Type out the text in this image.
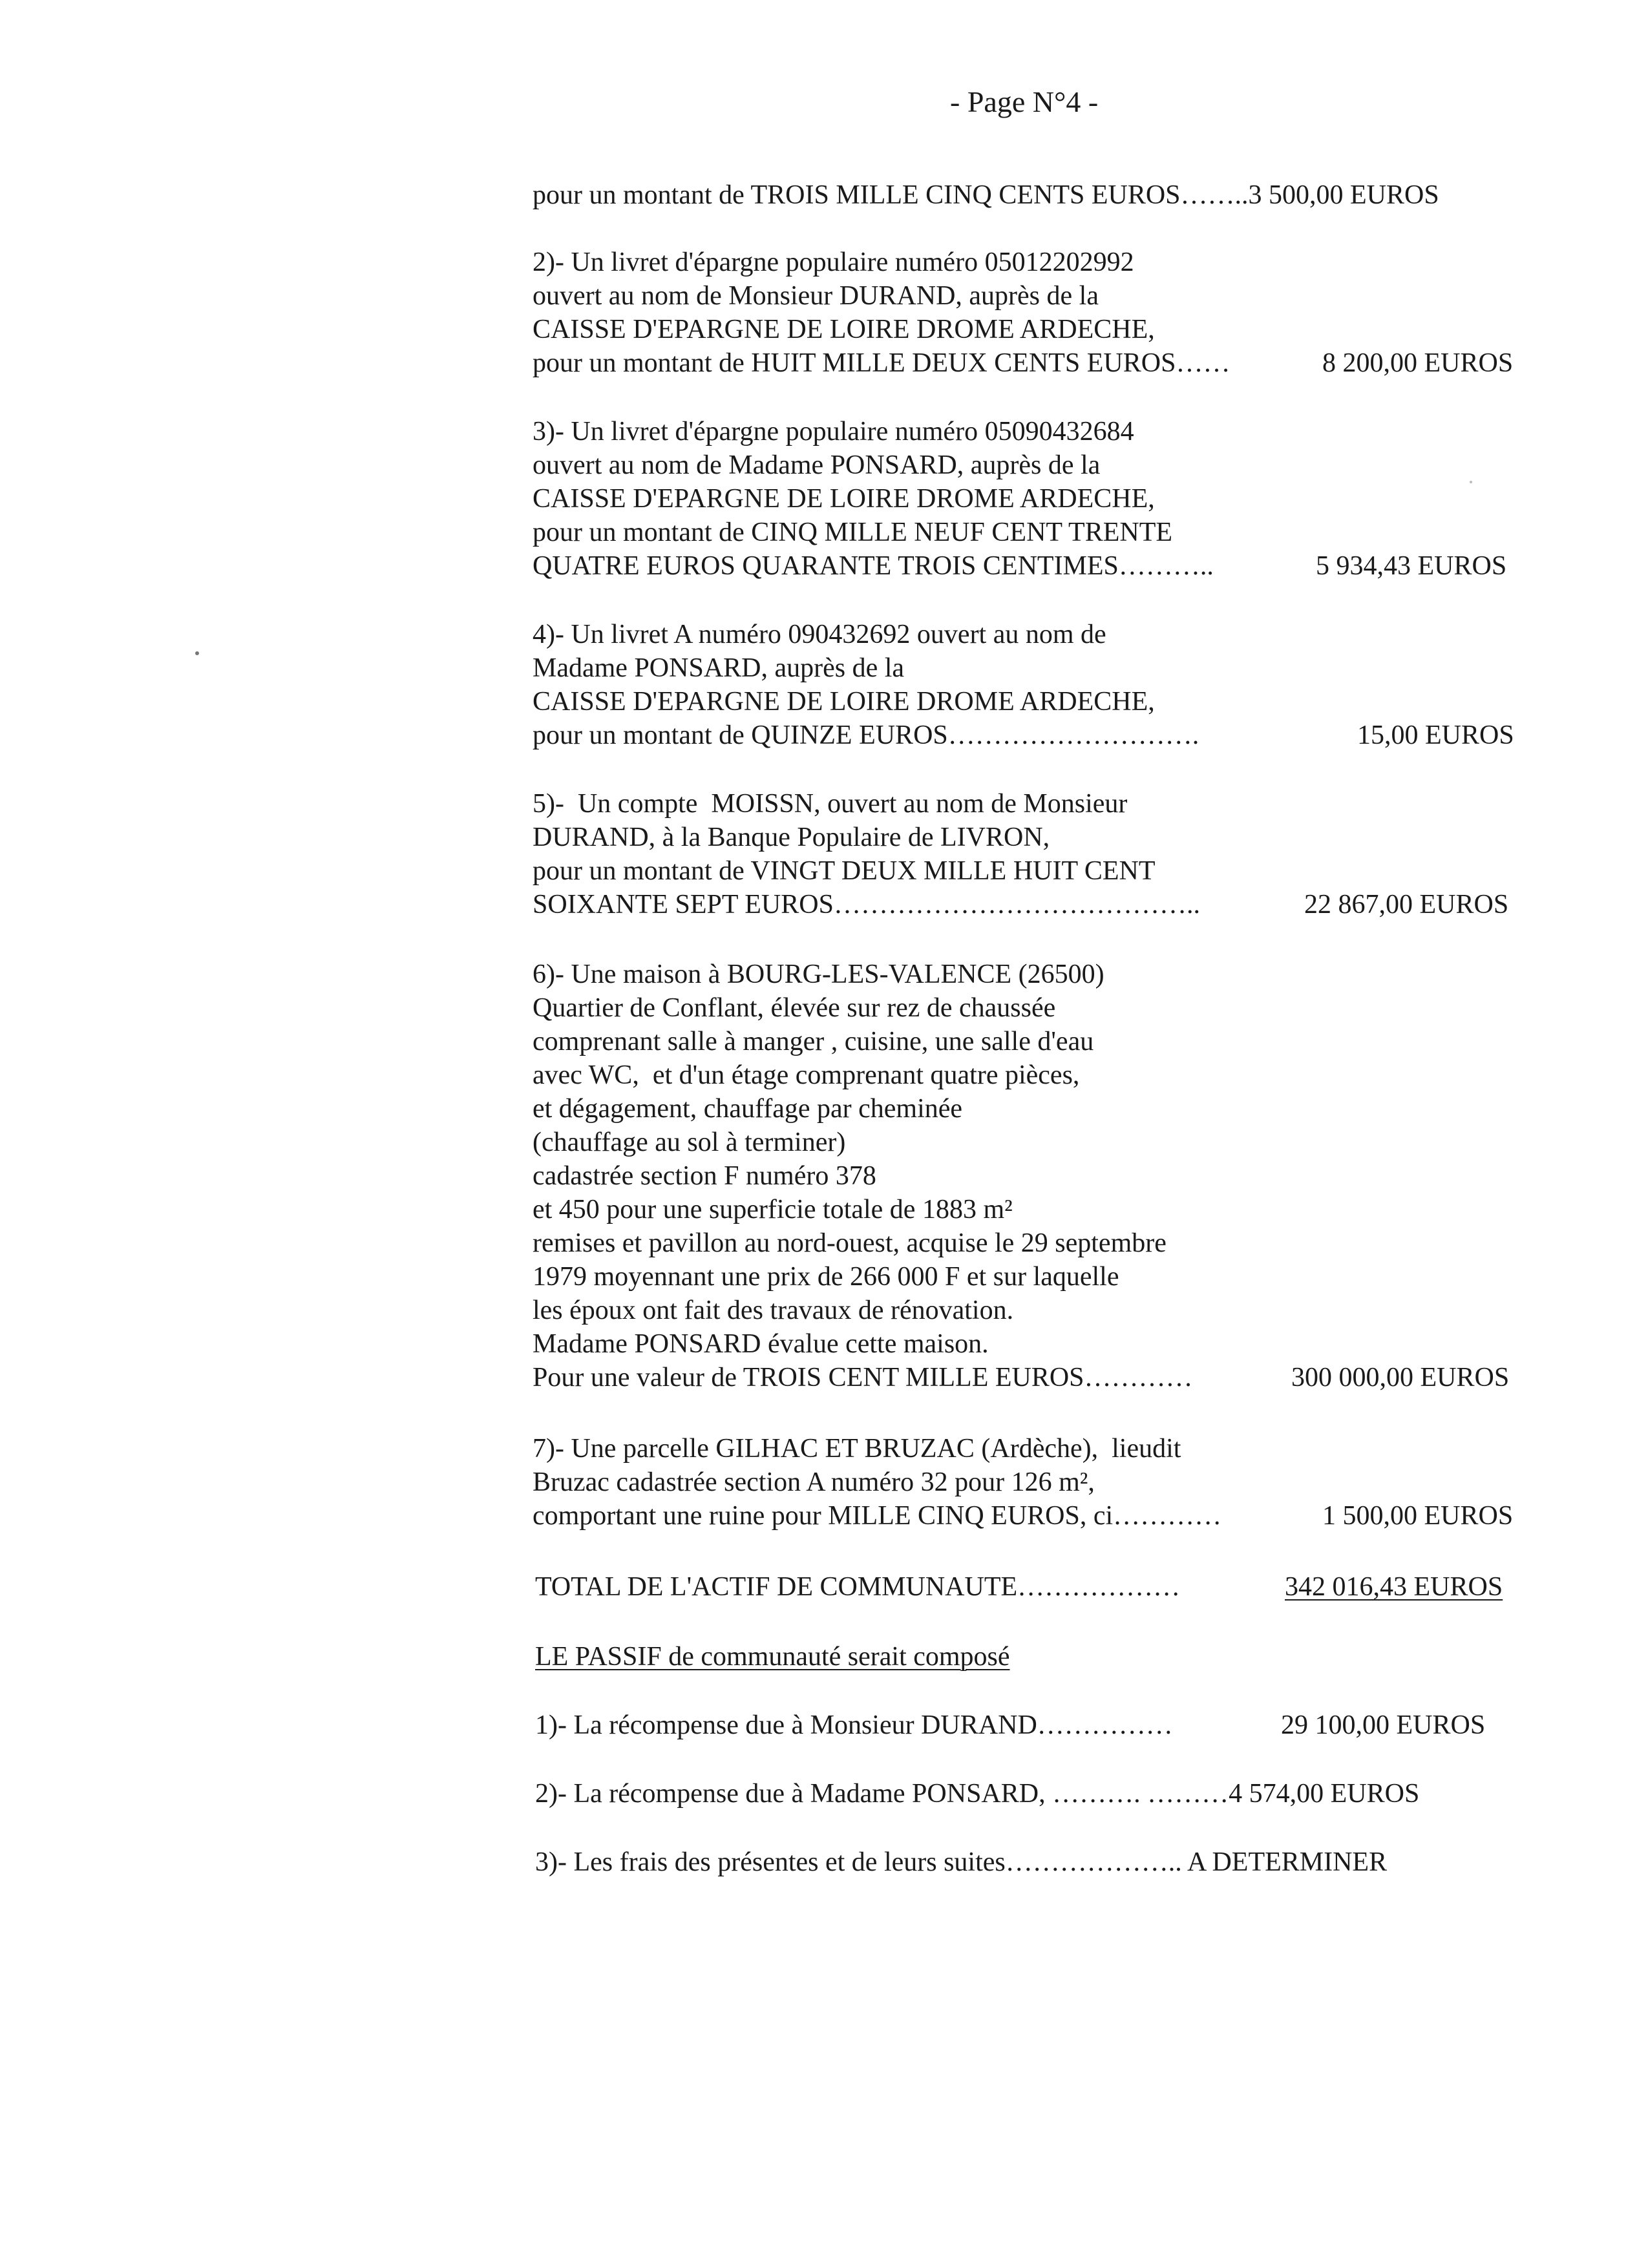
- Page N°4 -
pour un montant de TROIS MILLE CINQ CENTS EUROS……..3 500,00 EUROS
2)- Un livret d'épargne populaire numéro 05012202992
ouvert au nom de Monsieur DURAND, auprès de la
CAISSE D'EPARGNE DE LOIRE DROME ARDECHE,
pour un montant de HUIT MILLE DEUX CENTS EUROS……	8 200,00 EUROS
3)- Un livret d'épargne populaire numéro 05090432684
ouvert au nom de Madame PONSARD, auprès de la
CAISSE D'EPARGNE DE LOIRE DROME ARDECHE,
pour un montant de CINQ MILLE NEUF CENT TRENTE
QUATRE EUROS QUARANTE TROIS CENTIMES………..	5 934,43 EUROS
4)- Un livret A numéro 090432692 ouvert au nom de
Madame PONSARD, auprès de la
CAISSE D'EPARGNE DE LOIRE DROME ARDECHE,
pour un montant de QUINZE EUROS……………………….	15,00 EUROS
5)-  Un compte  MOISSN, ouvert au nom de Monsieur
DURAND, à la Banque Populaire de LIVRON,
pour un montant de VINGT DEUX MILLE HUIT CENT
SOIXANTE SEPT EUROS…………………………………..	22 867,00 EUROS
6)- Une maison à BOURG-LES-VALENCE (26500)
Quartier de Conflant, élevée sur rez de chaussée
comprenant salle à manger , cuisine, une salle d'eau
avec WC,  et d'un étage comprenant quatre pièces,
et dégagement, chauffage par cheminée
(chauffage au sol à terminer)
cadastrée section F numéro 378
et 450 pour une superficie totale de 1883 m²
remises et pavillon au nord-ouest, acquise le 29 septembre
1979 moyennant une prix de 266 000 F et sur laquelle
les époux ont fait des travaux de rénovation.
Madame PONSARD évalue cette maison.
Pour une valeur de TROIS CENT MILLE EUROS…………	300 000,00 EUROS
7)- Une parcelle GILHAC ET BRUZAC (Ardèche),  lieudit
Bruzac cadastrée section A numéro 32 pour 126 m²,
comportant une ruine pour MILLE CINQ EUROS, ci…………	1 500,00 EUROS
TOTAL DE L'ACTIF DE COMMUNAUTE………………	342 016,43 EUROS
LE PASSIF de communauté serait composé
1)- La récompense due à Monsieur DURAND……………	29 100,00 EUROS
2)- La récompense due à Madame PONSARD, ………. ………4 574,00 EUROS
3)- Les frais des présentes et de leurs suites……………….. A DETERMINER
